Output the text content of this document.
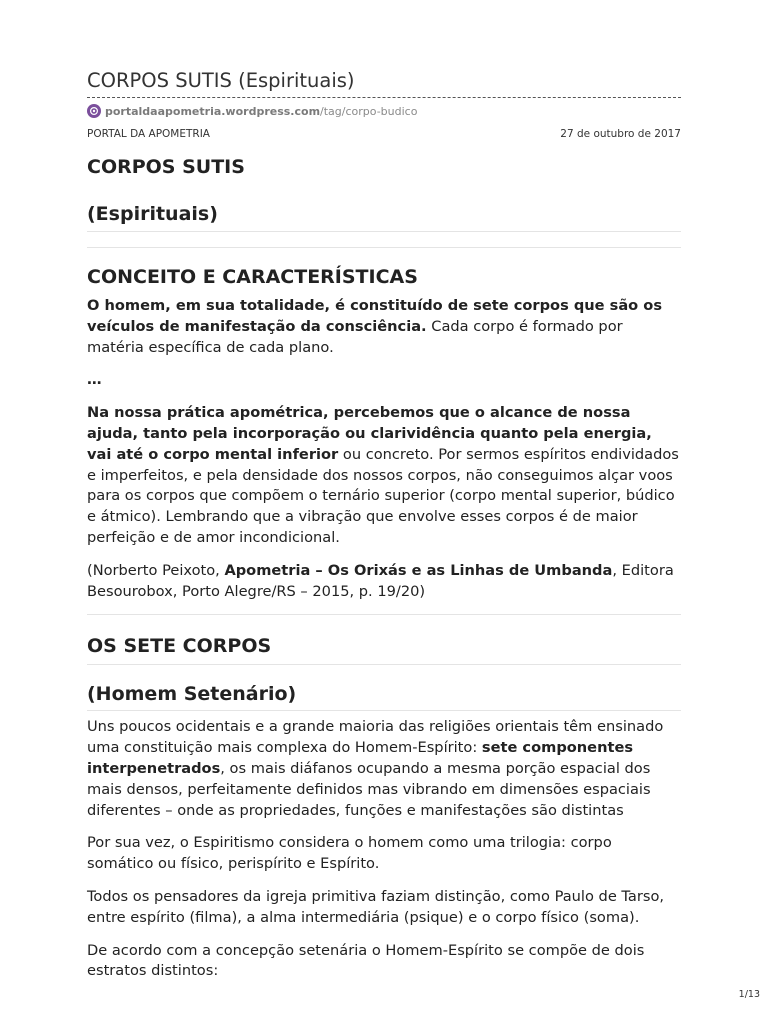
CORPOS SUTIS (Espirituais)
portaldaapometria.wordpress.com /tag/corpo-budico
PORTAL DA APOMETRIA	27 de outubro de 2017
CORPOS SUTIS
(Espirituais)
CONCEITO E CARACTERÍSTICAS

O homem, em sua totalidade, é constituído de sete corpos que são os veículos de manifestação da consciência. Cada corpo é formado por matéria específica de cada plano.

…

Na nossa prática apométrica, percebemos que o alcance de nossa ajuda, tanto pela incorporação ou clarividência quanto pela energia, vai até o corpo mental inferior ou concreto. Por sermos espíritos endividados e imperfeitos, e pela densidade dos nossos corpos, não conseguimos alçar voos para os corpos que compõem o ternário superior (corpo mental superior, búdico e átmico). Lembrando que a vibração que envolve esses corpos é de maior perfeição e de amor incondicional.

(Norberto Peixoto, Apometria – Os Orixás e as Linhas de Umbanda, Editora Besourobox, Porto Alegre/RS – 2015, p. 19/20)

OS SETE CORPOS
(Homem Setenário)

Uns poucos ocidentais e a grande maioria das religiões orientais têm ensinado uma constituição mais complexa do Homem-Espírito: sete componentes interpenetrados, os mais diáfanos ocupando a mesma porção espacial dos mais densos, perfeitamente definidos mas vibrando em dimensões espaciais diferentes – onde as propriedades, funções e manifestações são distintas

Por sua vez, o Espiritismo considera o homem como uma trilogia: corpo somático ou físico, perispírito e Espírito.

Todos os pensadores da igreja primitiva faziam distinção, como Paulo de Tarso, entre espírito (filma), a alma intermediária (psique) e o corpo físico (soma).

De acordo com a concepção setenária o Homem-Espírito se compõe de dois estratos distintos:

1/13
